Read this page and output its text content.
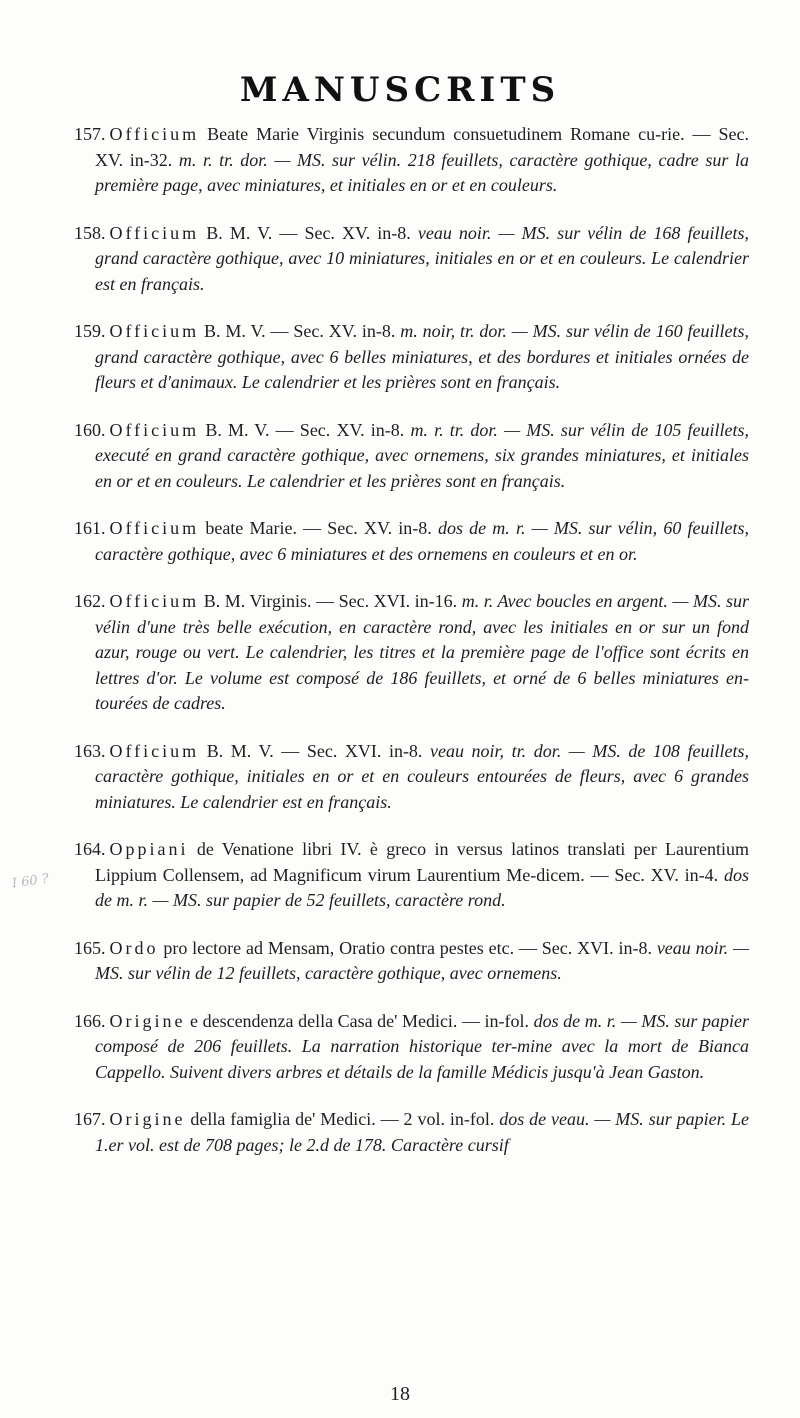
MANUSCRITS
I 60 ?

157. Officium Beate Marie Virginis secundum consuetudinem Romane cu-rie. — Sec. XV. in-32. m. r. tr. dor. — MS. sur vélin. 218 feuillets, caractère gothique, cadre sur la première page, avec miniatures, et initiales en or et en couleurs.

158. Officium B. M. V. — Sec. XV. in-8. veau noir. — MS. sur vélin de 168 feuillets, grand caractère gothique, avec 10 miniatures, initiales en or et en couleurs. Le calendrier est en français.

159. Officium B. M. V. — Sec. XV. in-8. m. noir, tr. dor. — MS. sur vélin de 160 feuillets, grand caractère gothique, avec 6 belles miniatures, et des bordures et initiales ornées de fleurs et d'animaux. Le calendrier et les prières sont en français.

160. Officium B. M. V. — Sec. XV. in-8. m. r. tr. dor. — MS. sur vélin de 105 feuillets, executé en grand caractère gothique, avec ornemens, six grandes miniatures, et initiales en or et en couleurs. Le calendrier et les prières sont en français.

161. Officium beate Marie. — Sec. XV. in-8. dos de m. r. — MS. sur vélin, 60 feuillets, caractère gothique, avec 6 miniatures et des ornemens en couleurs et en or.

162. Officium B. M. Virginis. — Sec. XVI. in-16. m. r. Avec boucles en argent. — MS. sur vélin d'une très belle exécution, en caractère rond, avec les initiales en or sur un fond azur, rouge ou vert. Le calendrier, les titres et la première page de l'office sont écrits en lettres d'or. Le volume est composé de 186 feuillets, et orné de 6 belles miniatures en-tourées de cadres.

163. Officium B. M. V. — Sec. XVI. in-8. veau noir, tr. dor. — MS. de 108 feuillets, caractère gothique, initiales en or et en couleurs entourées de fleurs, avec 6 grandes miniatures. Le calendrier est en français.

164. Oppiani de Venatione libri IV. è greco in versus latinos translati per Laurentium Lippium Collensem, ad Magnificum virum Laurentium Me-dicem. — Sec. XV. in-4. dos de m. r. — MS. sur papier de 52 feuillets, caractère rond.

165. Ordo pro lectore ad Mensam, Oratio contra pestes etc. — Sec. XVI. in-8. veau noir. — MS. sur vélin de 12 feuillets, caractère gothique, avec ornemens.

166. Origine e descendenza della Casa de' Medici. — in-fol. dos de m. r. — MS. sur papier composé de 206 feuillets. La narration historique ter-mine avec la mort de Bianca Cappello. Suivent divers arbres et détails de la famille Médicis jusqu'à Jean Gaston.

167. Origine della famiglia de' Medici. — 2 vol. in-fol. dos de veau. — MS. sur papier. Le 1.er vol. est de 708 pages; le 2.d de 178. Caractère cursif

18
